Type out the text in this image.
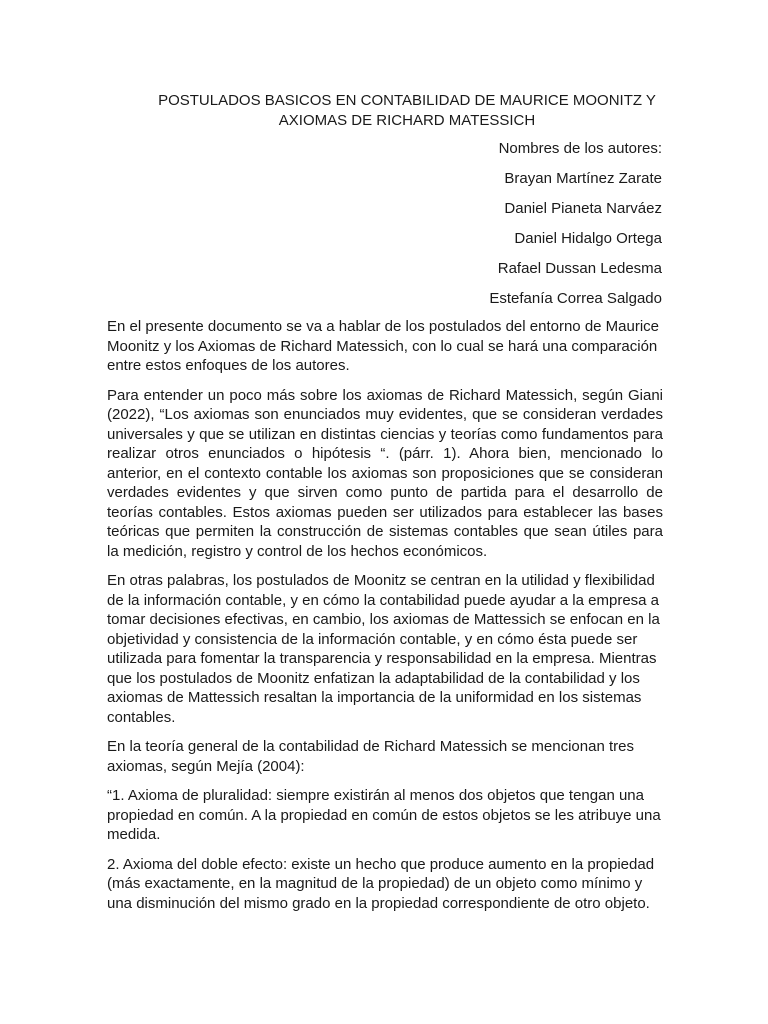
POSTULADOS BASICOS EN CONTABILIDAD DE MAURICE MOONITZ Y
AXIOMAS DE RICHARD MATESSICH
Nombres de los autores:
Brayan Martínez Zarate
Daniel Pianeta Narváez
Daniel Hidalgo Ortega
Rafael Dussan Ledesma
Estefanía Correa Salgado

En el presente documento se va a hablar de los postulados del entorno de Maurice Moonitz y los Axiomas de Richard Matessich, con lo cual se hará una comparación entre estos enfoques de los autores.

Para entender un poco más sobre los axiomas de Richard Matessich, según Giani (2022), “Los axiomas son enunciados muy evidentes, que se consideran verdades universales y que se utilizan en distintas ciencias y teorías como fundamentos para realizar otros enunciados o hipótesis “. (párr. 1). Ahora bien, mencionado lo anterior, en el contexto contable los axiomas son proposiciones que se consideran verdades evidentes y que sirven como punto de partida para el desarrollo de teorías contables. Estos axiomas pueden ser utilizados para establecer las bases teóricas que permiten la construcción de sistemas contables que sean útiles para la medición, registro y control de los hechos económicos.

En otras palabras, los postulados de Moonitz se centran en la utilidad y flexibilidad de la información contable, y en cómo la contabilidad puede ayudar a la empresa a tomar decisiones efectivas, en cambio, los axiomas de Mattessich se enfocan en la objetividad y consistencia de la información contable, y en cómo ésta puede ser utilizada para fomentar la transparencia y responsabilidad en la empresa. Mientras que los postulados de Moonitz enfatizan la adaptabilidad de la contabilidad y los axiomas de Mattessich resaltan la importancia de la uniformidad en los sistemas contables.

En la teoría general de la contabilidad de Richard Matessich se mencionan tres axiomas, según Mejía (2004):

“1. Axioma de pluralidad: siempre existirán al menos dos objetos que tengan una propiedad en común. A la propiedad en común de estos objetos se les atribuye una medida.

2. Axioma del doble efecto: existe un hecho que produce aumento en la propiedad (más exactamente, en la magnitud de la propiedad) de un objeto como mínimo y una disminución del mismo grado en la propiedad correspondiente de otro objeto.
